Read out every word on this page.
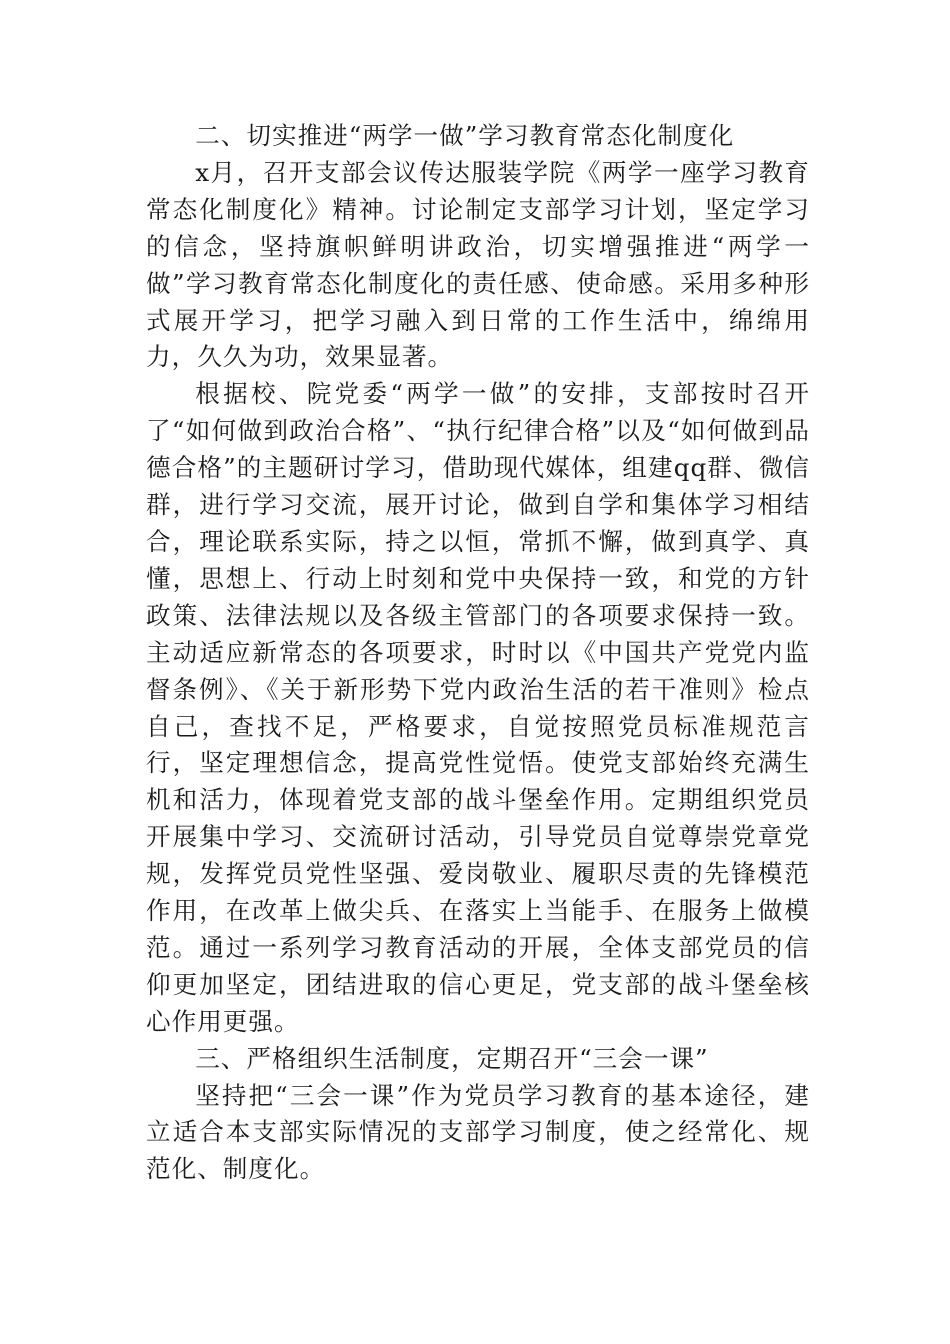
二、切实推进“两学一做”学习教育常态化制度化

x月，召开支部会议传达服装学院《两学一座学习教育常态化制度化》精神。讨论制定支部学习计划，坚定学习的信念，坚持旗帜鲜明讲政治，切实增强推进“两学一做”学习教育常态化制度化的责任感、使命感。采用多种形式展开学习，把学习融入到日常的工作生活中，绵绵用力，久久为功，效果显著。

根据校、院党委“两学一做”的安排，支部按时召开了“如何做到政治合格”、“执行纪律合格”以及“如何做到品德合格”的主题研讨学习，借助现代媒体，组建qq群、微信群，进行学习交流，展开讨论，做到自学和集体学习相结合，理论联系实际，持之以恒，常抓不懈，做到真学、真懂，思想上、行动上时刻和党中央保持一致，和党的方针政策、法律法规以及各级主管部门的各项要求保持一致。主动适应新常态的各项要求，时时以《中国共产党党内监督条例》、《关于新形势下党内政治生活的若干准则》检点自己，查找不足，严格要求，自觉按照党员标准规范言行，坚定理想信念，提高党性觉悟。使党支部始终充满生机和活力，体现着党支部的战斗堡垒作用。定期组织党员开展集中学习、交流研讨活动，引导党员自觉尊崇党章党规，发挥党员党性坚强、爱岗敬业、履职尽责的先锋模范作用，在改革上做尖兵、在落实上当能手、在服务上做模范。通过一系列学习教育活动的开展，全体支部党员的信仰更加坚定，团结进取的信心更足，党支部的战斗堡垒核心作用更强。

三、严格组织生活制度，定期召开“三会一课”

坚持把“三会一课”作为党员学习教育的基本途径，建立适合本支部实际情况的支部学习制度，使之经常化、规范化、制度化。
